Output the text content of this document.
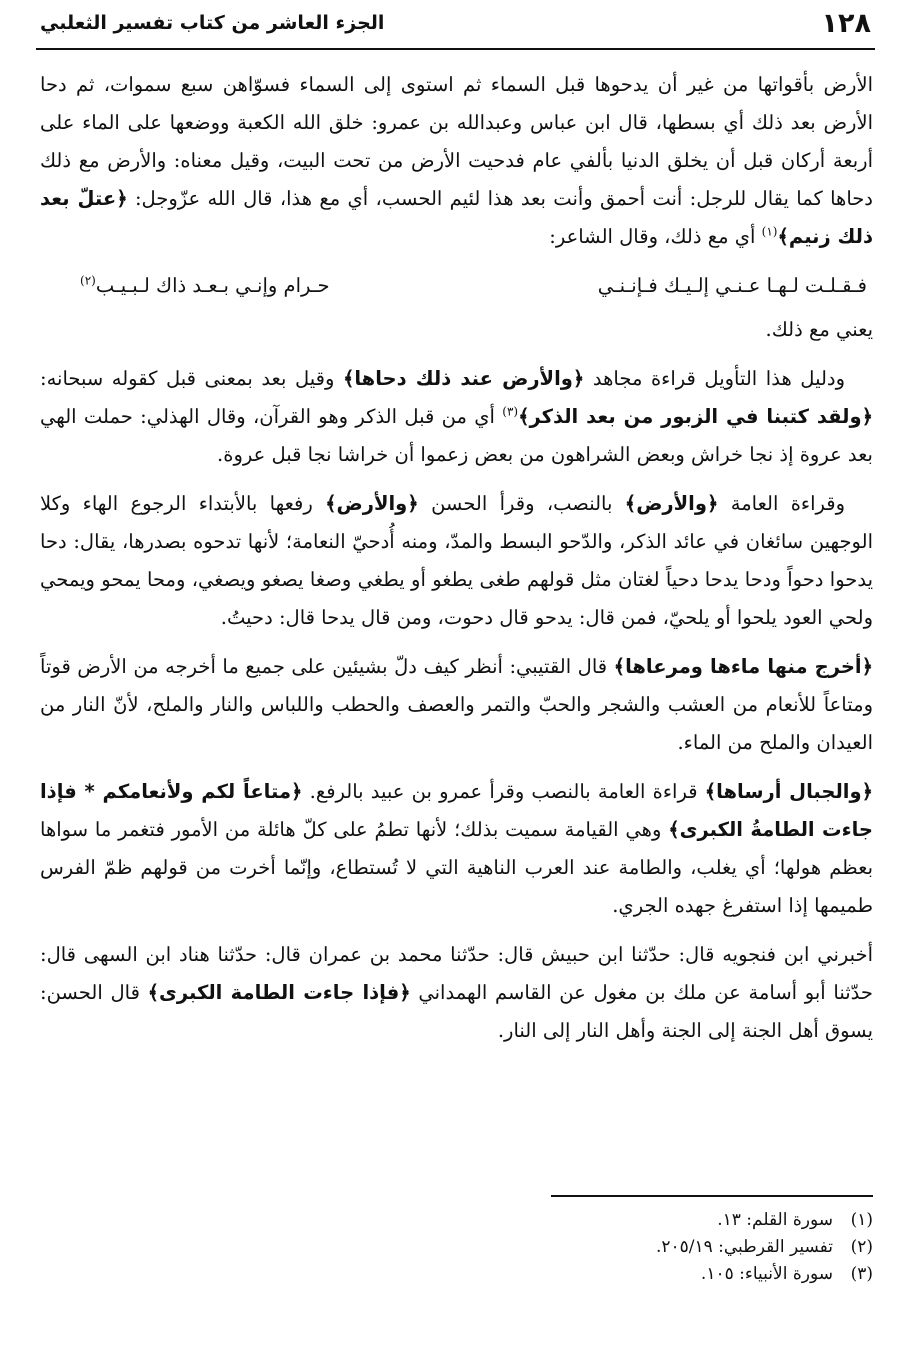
١٢٨
الجزء العاشر من كتاب تفسير الثعلبي

الأرض بأقواتها من غير أن يدحوها قبل السماء ثم استوى إلى السماء فسوّاهن سبع سموات، ثم دحا الأرض بعد ذلك أي بسطها، قال ابن عباس وعبدالله بن عمرو: خلق الله الكعبة ووضعها على الماء على أربعة أركان قبل أن يخلق الدنيا بألفي عام فدحيت الأرض من تحت البيت، وقيل معناه: والأرض مع ذلك دحاها كما يقال للرجل: أنت أحمق وأنت بعد هذا لئيم الحسب، أي مع هذا، قال الله عزّوجل: ﴿عتلّ بعد ذلك زنيم﴾$^{(١)}$ أي مع ذلك، وقال الشاعر:

فـقـلـت لـهـا عـنـي إلـيـك فـإنـنـي
حـرام وإنـي بـعـد ذاك لـبـيـب$^{(٢)}$

يعني مع ذلك.

ودليل هذا التأويل قراءة مجاهد ﴿والأرض عند ذلك دحاها﴾ وقيل بعد بمعنى قبل كقوله سبحانه: ﴿ولقد كتبنا في الزبور من بعد الذكر﴾$^{(٣)}$ أي من قبل الذكر وهو القرآن، وقال الهذلي: حملت الهي بعد عروة إذ نجا خراش وبعض الشراهون من بعض زعموا أن خراشا نجا قبل عروة.

وقراءة العامة ﴿والأرض﴾ بالنصب، وقرأ الحسن ﴿والأرض﴾ رفعها بالأبتداء الرجوع الهاء وكلا الوجهين سائغان في عائد الذكر، والدّحو البسط والمدّ، ومنه أُدحيّ النعامة؛ لأنها تدحوه بصدرها، يقال: دحا يدحوا دحواً ودحا يدحا دحياً لغتان مثل قولهم طغى يطغو أو يطغي وصغا يصغو ويصغي، ومحا يمحو ويمحي ولحي العود يلحوا أو يلحيّ، فمن قال: يدحو قال دحوت، ومن قال يدحا قال: دحيتُ.

﴿أخرج منها ماءها ومرعاها﴾ قال القتيبي: أنظر كيف دلّ بشيئين على جميع ما أخرجه من الأرض قوتاً ومتاعاً للأنعام من العشب والشجر والحبّ والتمر والعصف والحطب واللباس والنار والملح، لأنّ النار من العيدان والملح من الماء.

﴿والجبال أرساها﴾ قراءة العامة بالنصب وقرأ عمرو بن عبيد بالرفع. ﴿متاعاً لكم ولأنعامكم * فإذا جاءت الطامةُ الكبرى﴾ وهي القيامة سميت بذلك؛ لأنها تطمُ على كلّ هائلة من الأمور فتغمر ما سواها بعظم هولها؛ أي يغلب، والطامة عند العرب الناهية التي لا تُستطاع، وإنّما أخرت من قولهم ظمّ الفرس طميمها إذا استفرغ جهده الجري.

أخبرني ابن فنجويه قال: حدّثنا ابن حبيش قال: حدّثنا محمد بن عمران قال: حدّثنا هناد ابن السهى قال: حدّثنا أبو أسامة عن ملك بن مغول عن القاسم الهمداني ﴿فإذا جاءت الطامة الكبرى﴾ قال الحسن: يسوق أهل الجنة إلى الجنة وأهل النار إلى النار.

(١)سورة القلم: ١٣.
(٢)تفسير القرطبي: ٢٠٥/١٩.
(٣)سورة الأنبياء: ١٠٥.
